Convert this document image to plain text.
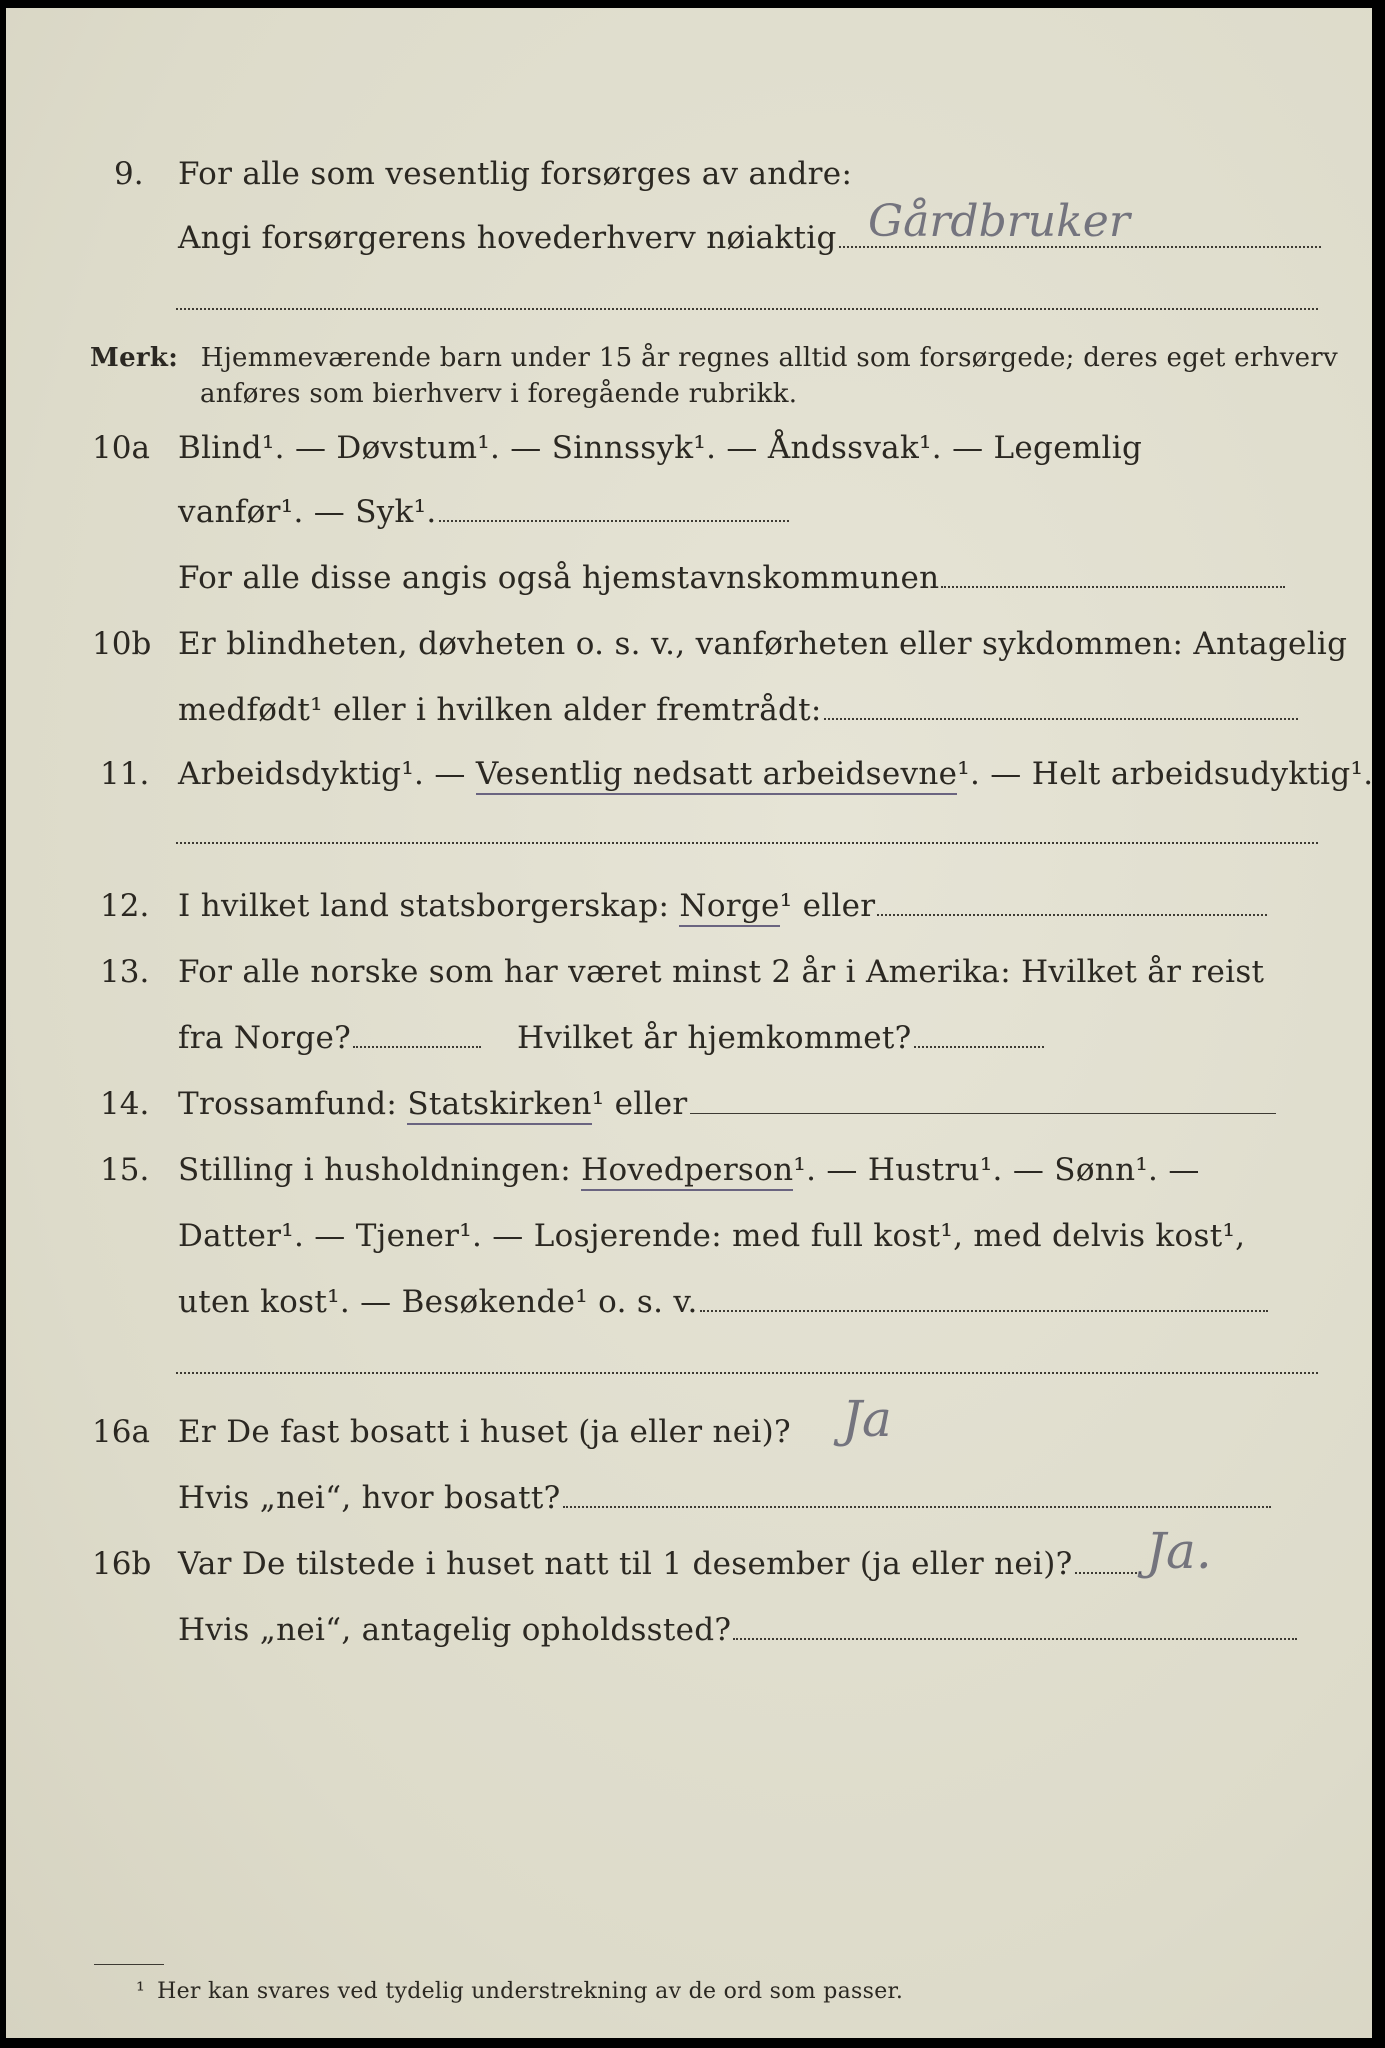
9. For alle som vesentlig forsørges av andre:
Angi forsørgerens hovederhverv nøiaktig Gårdbruker
Merk: Hjemmeværende barn under 15 år regnes alltid som forsørgede; deres eget erhverv
anføres som bierhverv i foregående rubrikk.
10a Blind¹. — Døvstum¹. — Sinnssyk¹. — Åndssvak¹. — Legemlig
vanfør¹. — Syk¹.
For alle disse angis også hjemstavnskommunen
10b Er blindheten, døvheten o. s. v., vanførheten eller sykdommen: Antagelig
medfødt¹ eller i hvilken alder fremtrådt:
11. Arbeidsdyktig¹. — Vesentlig nedsatt arbeidsevne¹. — Helt arbeidsudyktig¹.
12. I hvilket land statsborgerskap: Norge¹ eller
13. For alle norske som har været minst 2 år i Amerika: Hvilket år reist
fra Norge?	Hvilket år hjemkommet?
14. Trossamfund: Statskirken¹ eller
15. Stilling i husholdningen: Hovedperson¹. — Hustru¹. — Sønn¹. —
Datter¹. — Tjener¹. — Losjerende: med full kost¹, med delvis kost¹,
uten kost¹. — Besøkende¹ o. s. v.
16a Er De fast bosatt i huset (ja eller nei)? Ja
Hvis „nei“, hvor bosatt?
16b Var De tilstede i huset natt til 1 desember (ja eller nei)?	Ja.
Hvis „nei“, antagelig opholdssted?
¹ Her kan svares ved tydelig understrekning av de ord som passer.
